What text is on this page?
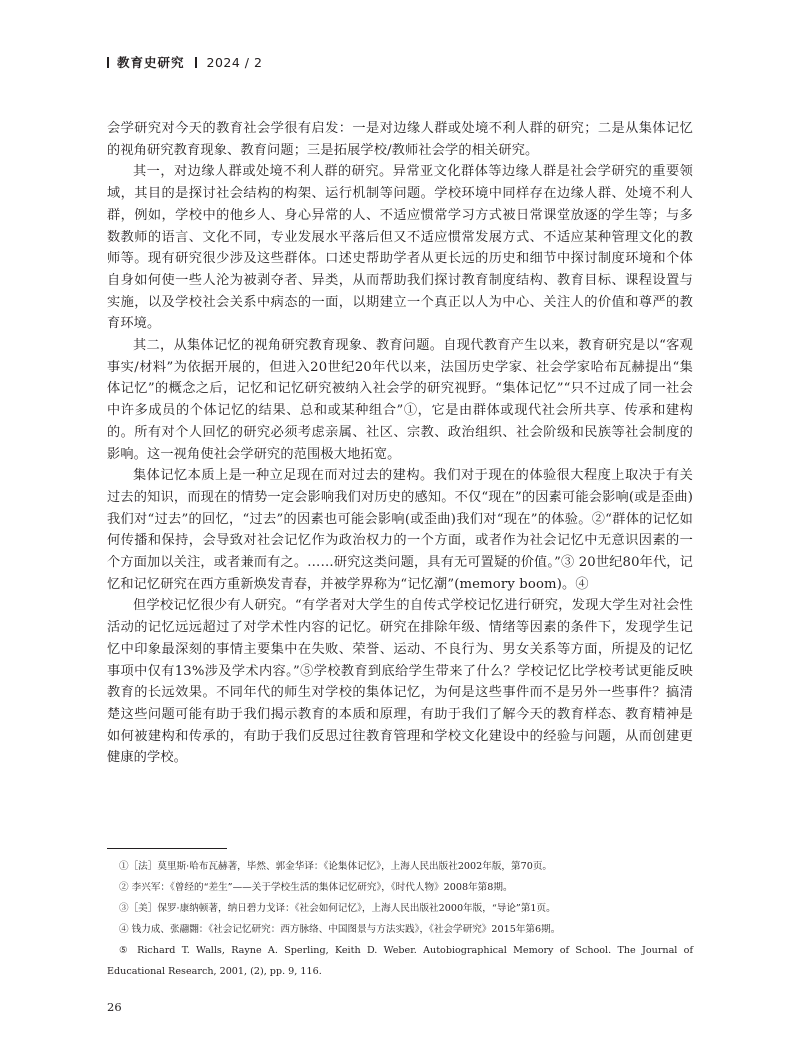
教育史研究 2024 / 2

会学研究对今天的教育社会学很有启发：一是对边缘人群或处境不利人群的研究；二是从集体记忆的视角研究教育现象、教育问题；三是拓展学校/教师社会学的相关研究。

其一，对边缘人群或处境不利人群的研究。异常亚文化群体等边缘人群是社会学研究的重要领域，其目的是探讨社会结构的构架、运行机制等问题。学校环境中同样存在边缘人群、处境不利人群，例如，学校中的他乡人、身心异常的人、不适应惯常学习方式被日常课堂放逐的学生等；与多数教师的语言、文化不同，专业发展水平落后但又不适应惯常发展方式、不适应某种管理文化的教师等。现有研究很少涉及这些群体。口述史帮助学者从更长远的历史和细节中探讨制度环境和个体自身如何使一些人沦为被剥夺者、异类，从而帮助我们探讨教育制度结构、教育目标、课程设置与实施，以及学校社会关系中病态的一面，以期建立一个真正以人为中心、关注人的价值和尊严的教育环境。

其二，从集体记忆的视角研究教育现象、教育问题。自现代教育产生以来，教育研究是以“客观事实/材料”为依据开展的，但进入20世纪20年代以来，法国历史学家、社会学家哈布瓦赫提出“集体记忆”的概念之后，记忆和记忆研究被纳入社会学的研究视野。“集体记忆”“只不过成了同一社会中许多成员的个体记忆的结果、总和或某种组合”①，它是由群体或现代社会所共享、传承和建构的。所有对个人回忆的研究必须考虑亲属、社区、宗教、政治组织、社会阶级和民族等社会制度的影响。这一视角使社会学研究的范围极大地拓宽。

集体记忆本质上是一种立足现在而对过去的建构。我们对于现在的体验很大程度上取决于有关过去的知识，而现在的情势一定会影响我们对历史的感知。不仅“现在”的因素可能会影响(或是歪曲)我们对“过去”的回忆，“过去”的因素也可能会影响(或歪曲)我们对“现在”的体验。②“群体的记忆如何传播和保持，会导致对社会记忆作为政治权力的一个方面，或者作为社会记忆中无意识因素的一个方面加以关注，或者兼而有之。……研究这类问题，具有无可置疑的价值。”③ 20世纪80年代，记忆和记忆研究在西方重新焕发青春，并被学界称为“记忆潮”(memory boom)。④

但学校记忆很少有人研究。“有学者对大学生的自传式学校记忆进行研究，发现大学生对社会性活动的记忆远远超过了对学术性内容的记忆。研究在排除年级、情绪等因素的条件下，发现学生记忆中印象最深刻的事情主要集中在失败、荣誉、运动、不良行为、男女关系等方面，所提及的记忆事项中仅有13%涉及学术内容。”⑤学校教育到底给学生带来了什么？学校记忆比学校考试更能反映教育的长远效果。不同年代的师生对学校的集体记忆，为何是这些事件而不是另外一些事件？搞清楚这些问题可能有助于我们揭示教育的本质和原理，有助于我们了解今天的教育样态、教育精神是如何被建构和传承的，有助于我们反思过往教育管理和学校文化建设中的经验与问题，从而创建更健康的学校。

①［法］莫里斯·哈布瓦赫著，毕然、郭金华译：《论集体记忆》，上海人民出版社2002年版，第70页。

② 李兴军：《曾经的“差生”——关于学校生活的集体记忆研究》，《时代人物》2008年第8期。

③［美］保罗·康纳顿著，纳日碧力戈译：《社会如何记忆》，上海人民出版社2000年版，“导论”第1页。

④ 钱力成、张翮翾：《社会记忆研究：西方脉络、中国图景与方法实践》，《社会学研究》2015年第6期。

⑤ Richard T. Walls, Rayne A. Sperling, Keith D. Weber. Autobiographical Memory of School. The Journal of Educational Research, 2001, (2), pp. 9, 116.

26
